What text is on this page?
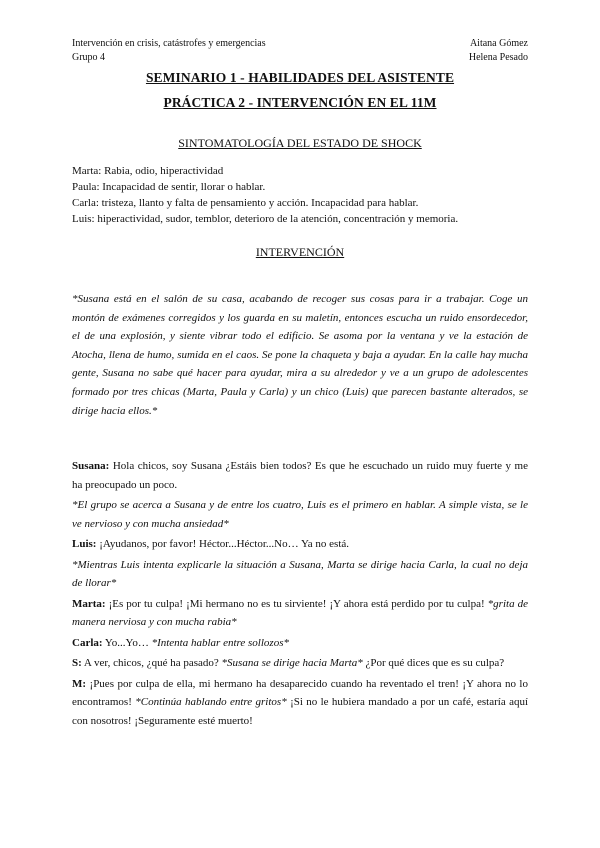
Intervención en crisis, catástrofes y emergencias
Grupo 4
Aitana Gómez
Helena Pesado
SEMINARIO 1 - HABILIDADES DEL ASISTENTE
PRÁCTICA 2 - INTERVENCIÓN EN EL 11M
SINTOMATOLOGÍA DEL ESTADO DE SHOCK
Marta: Rabia, odio, hiperactividad
Paula: Incapacidad de sentir, llorar o hablar.
Carla: tristeza, llanto y falta de pensamiento y acción. Incapacidad para hablar.
Luis: hiperactividad, sudor, temblor, deterioro de la atención, concentración y memoria.
INTERVENCIÓN
*Susana está en el salón de su casa, acabando de recoger sus cosas para ir a trabajar. Coge un montón de exámenes corregidos y los guarda en su maletín, entonces escucha un ruido ensordecedor, el de una explosión, y siente vibrar todo el edificio. Se asoma por la ventana y ve la estación de Atocha, llena de humo, sumida en el caos. Se pone la chaqueta y baja a ayudar. En la calle hay mucha gente, Susana no sabe qué hacer para ayudar, mira a su alrededor y ve a un grupo de adolescentes formado por tres chicas (Marta, Paula y Carla) y un chico (Luis) que parecen bastante alterados, se dirige hacia ellos.*

Susana: Hola chicos, soy Susana ¿Estáis bien todos? Es que he escuchado un ruido muy fuerte y me ha preocupado un poco.

*El grupo se acerca a Susana y de entre los cuatro, Luis es el primero en hablar. A simple vista, se le ve nervioso y con mucha ansiedad*

Luis: ¡Ayudanos, por favor! Héctor...Héctor...No… Ya no está.

*Mientras Luis intenta explicarle la situación a Susana, Marta se dirige hacia Carla, la cual no deja de llorar*

Marta: ¡Es por tu culpa! ¡Mi hermano no es tu sirviente! ¡Y ahora está perdido por tu culpa! *grita de manera nerviosa y con mucha rabia*

Carla: Yo...Yo… *Intenta hablar entre sollozos*

S: A ver, chicos, ¿qué ha pasado? *Susana se dirige hacia Marta* ¿Por qué dices que es su culpa?

M: ¡Pues por culpa de ella, mi hermano ha desaparecido cuando ha reventado el tren! ¡Y ahora no lo encontramos! *Continúa hablando entre gritos* ¡Si no le hubiera mandado a por un café, estaría aquí con nosotros! ¡Seguramente esté muerto!
